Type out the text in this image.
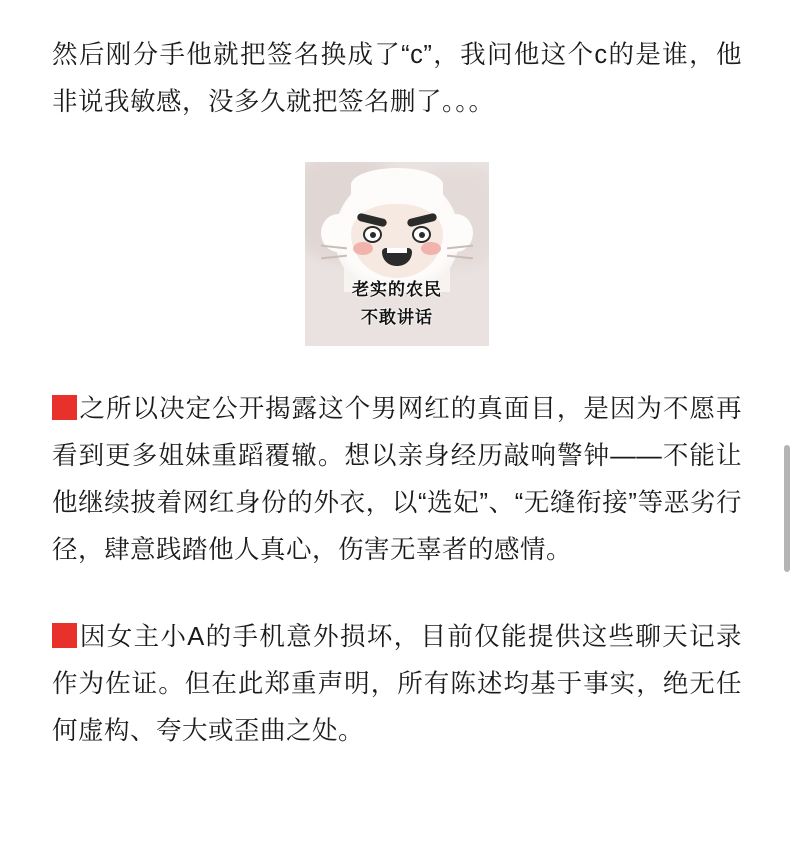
然后刚分手他就把签名换成了“c”，我问他这个c的是谁，他非说我敏感，没多久就把签名删了。。。

老实的农民
不敢讲话

之所以决定公开揭露这个男网红的真面目，是因为不愿再看到更多姐妹重蹈覆辙。想以亲身经历敲响警钟——不能让他继续披着网红身份的外衣，以“选妃”、“无缝衔接”等恶劣行径，肆意践踏他人真心，伤害无辜者的感情。

因女主小A的手机意外损坏，目前仅能提供这些聊天记录作为佐证。但在此郑重声明，所有陈述均基于事实，绝无任何虚构、夸大或歪曲之处。
